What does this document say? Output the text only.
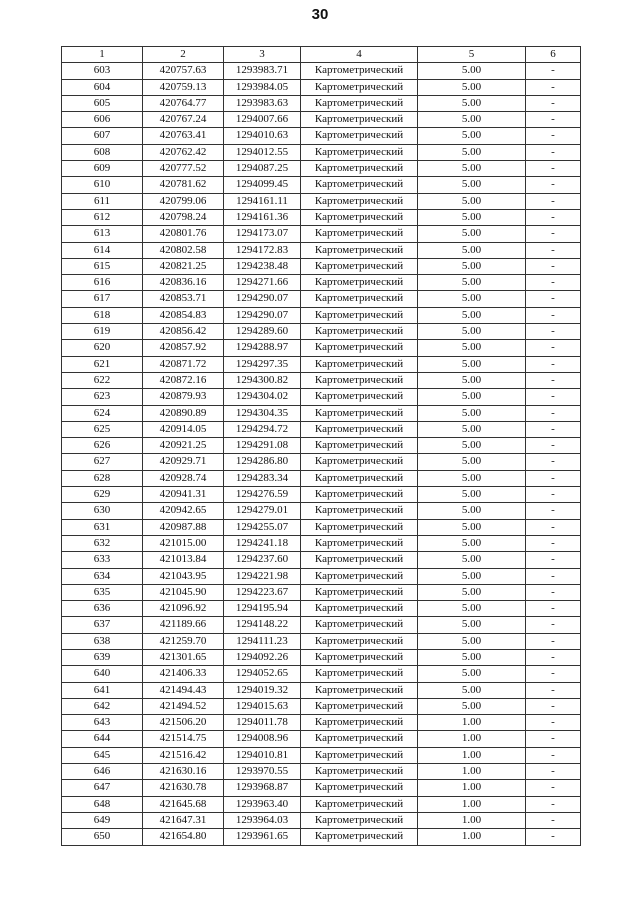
30
1	2	3	4	5	6
603	420757.63	1293983.71	Картометрический	5.00	-
604	420759.13	1293984.05	Картометрический	5.00	-
605	420764.77	1293983.63	Картометрический	5.00	-
606	420767.24	1294007.66	Картометрический	5.00	-
607	420763.41	1294010.63	Картометрический	5.00	-
608	420762.42	1294012.55	Картометрический	5.00	-
609	420777.52	1294087.25	Картометрический	5.00	-
610	420781.62	1294099.45	Картометрический	5.00	-
611	420799.06	1294161.11	Картометрический	5.00	-
612	420798.24	1294161.36	Картометрический	5.00	-
613	420801.76	1294173.07	Картометрический	5.00	-
614	420802.58	1294172.83	Картометрический	5.00	-
615	420821.25	1294238.48	Картометрический	5.00	-
616	420836.16	1294271.66	Картометрический	5.00	-
617	420853.71	1294290.07	Картометрический	5.00	-
618	420854.83	1294290.07	Картометрический	5.00	-
619	420856.42	1294289.60	Картометрический	5.00	-
620	420857.92	1294288.97	Картометрический	5.00	-
621	420871.72	1294297.35	Картометрический	5.00	-
622	420872.16	1294300.82	Картометрический	5.00	-
623	420879.93	1294304.02	Картометрический	5.00	-
624	420890.89	1294304.35	Картометрический	5.00	-
625	420914.05	1294294.72	Картометрический	5.00	-
626	420921.25	1294291.08	Картометрический	5.00	-
627	420929.71	1294286.80	Картометрический	5.00	-
628	420928.74	1294283.34	Картометрический	5.00	-
629	420941.31	1294276.59	Картометрический	5.00	-
630	420942.65	1294279.01	Картометрический	5.00	-
631	420987.88	1294255.07	Картометрический	5.00	-
632	421015.00	1294241.18	Картометрический	5.00	-
633	421013.84	1294237.60	Картометрический	5.00	-
634	421043.95	1294221.98	Картометрический	5.00	-
635	421045.90	1294223.67	Картометрический	5.00	-
636	421096.92	1294195.94	Картометрический	5.00	-
637	421189.66	1294148.22	Картометрический	5.00	-
638	421259.70	1294111.23	Картометрический	5.00	-
639	421301.65	1294092.26	Картометрический	5.00	-
640	421406.33	1294052.65	Картометрический	5.00	-
641	421494.43	1294019.32	Картометрический	5.00	-
642	421494.52	1294015.63	Картометрический	5.00	-
643	421506.20	1294011.78	Картометрический	1.00	-
644	421514.75	1294008.96	Картометрический	1.00	-
645	421516.42	1294010.81	Картометрический	1.00	-
646	421630.16	1293970.55	Картометрический	1.00	-
647	421630.78	1293968.87	Картометрический	1.00	-
648	421645.68	1293963.40	Картометрический	1.00	-
649	421647.31	1293964.03	Картометрический	1.00	-
650	421654.80	1293961.65	Картометрический	1.00	-
